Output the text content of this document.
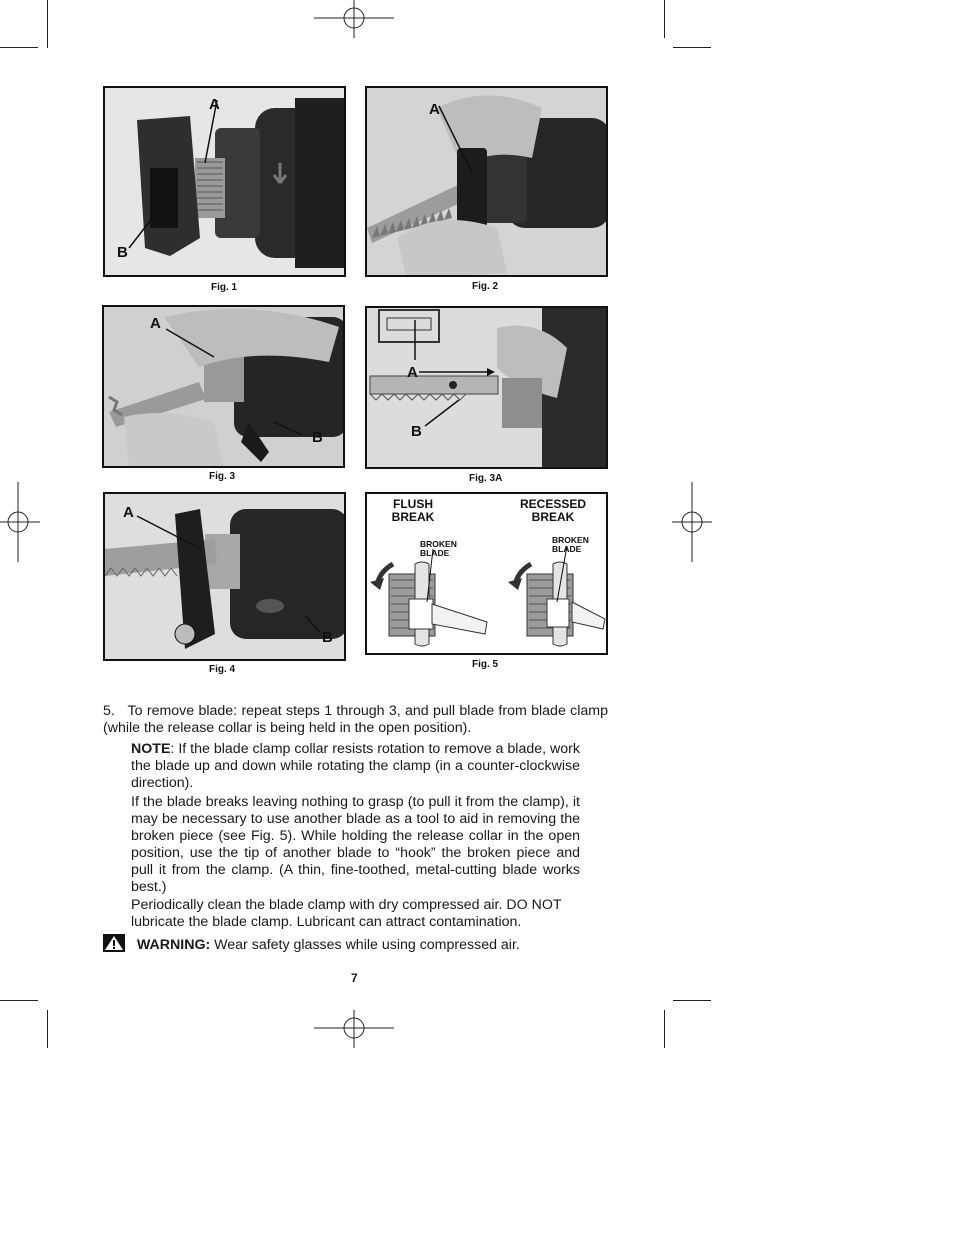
A
B
Fig. 1
A
Fig. 2
A
B
Fig. 3
A
B
Fig. 3A
A
B
Fig. 4
FLUSH
BREAK
RECESSED
BREAK
BROKEN
BLADE
BROKEN
BLADE
Fig. 5

5. To remove blade: repeat steps 1 through 3, and pull blade from blade clamp (while the release collar is being held in the open position).

NOTE: If the blade clamp collar resists rotation to remove a blade, work the blade up and down while rotating the clamp (in a counter-clockwise direction).

If the blade breaks leaving nothing to grasp (to pull it from the clamp), it may be necessary to use another blade as a tool to aid in removing the broken piece (see Fig. 5). While holding the release collar in the open position, use the tip of another blade to “hook” the broken piece and pull it from the clamp. (A thin, fine-toothed, metal-cutting blade works best.)

Periodically clean the blade clamp with dry compressed air. DO NOT lubricate the blade clamp. Lubricant can attract contamination.

WARNING: Wear safety glasses while using compressed air.
7
